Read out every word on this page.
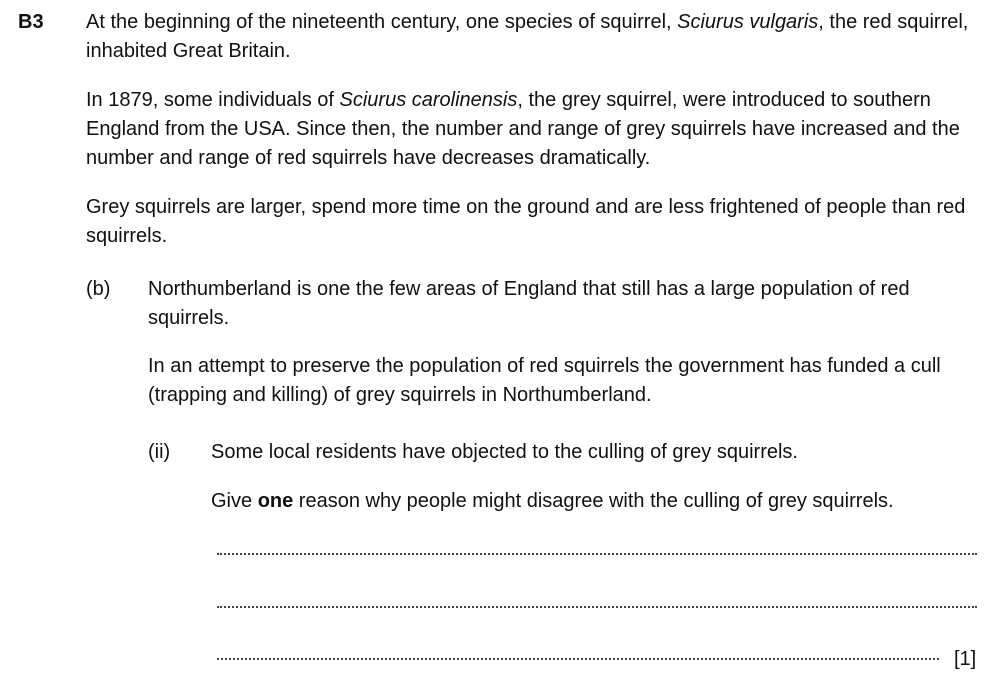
B3 At the beginning of the nineteenth century, one species of squirrel, Sciurus vulgaris, the red squirrel, inhabited Great Britain.

In 1879, some individuals of Sciurus carolinensis, the grey squirrel, were introduced to southern England from the USA. Since then, the number and range of grey squirrels have increased and the number and range of red squirrels have decreases dramatically.

Grey squirrels are larger, spend more time on the ground and are less frightened of people than red squirrels.

(b) Northumberland is one the few areas of England that still has a large population of red squirrels.

In an attempt to preserve the population of red squirrels the government has funded a cull (trapping and killing) of grey squirrels in Northumberland.

(ii) Some local residents have objected to the culling of grey squirrels.

Give one reason why people might disagree with the culling of grey squirrels.

[1]
